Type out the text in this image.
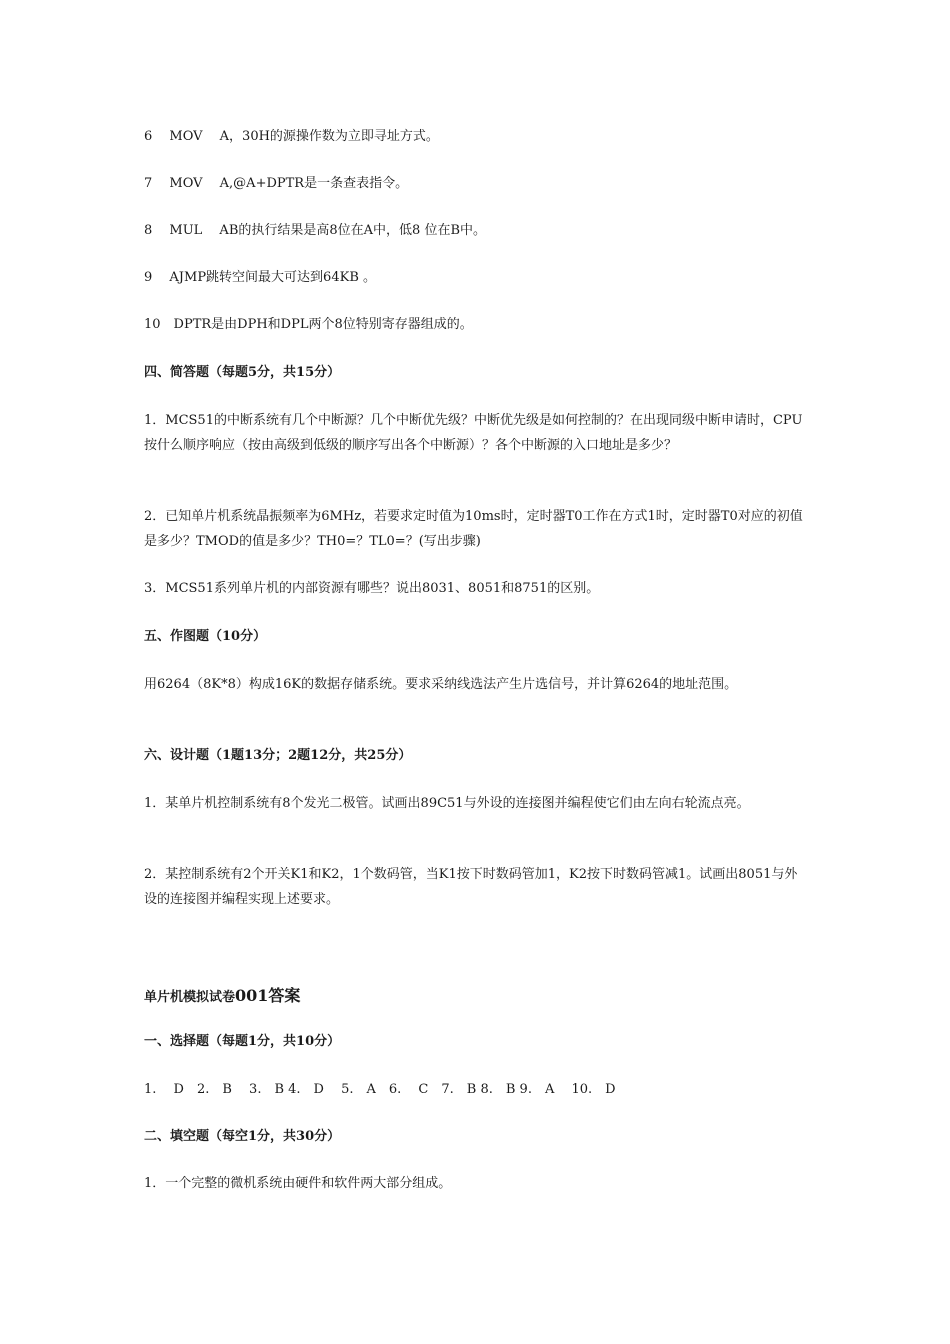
6　 MOV　 A，30H的源操作数为立即寻址方式。

7　 MOV　 A,@A+DPTR是一条查表指令。

8　 MUL　 AB的执行结果是高8位在A中，低8 位在B中。

9　 AJMP跳转空间最大可达到64KB 。

10　DPTR是由DPH和DPL两个8位特别寄存器组成的。

四、简答题（每题5分，共15分）

1．MCS51的中断系统有几个中断源？几个中断优先级？中断优先级是如何控制的？在出现同级中断申请时，CPU按什么顺序响应（按由高级到低级的顺序写出各个中断源）？各个中断源的入口地址是多少？

2．已知单片机系统晶振频率为6MHz，若要求定时值为10ms时，定时器T0工作在方式1时，定时器T0对应的初值是多少？TMOD的值是多少？TH0=？TL0=？(写出步骤)

3．MCS51系列单片机的内部资源有哪些？说出8031、8051和8751的区别。

五、作图题（10分）

用6264（8K*8）构成16K的数据存储系统。要求采纳线选法产生片选信号，并计算6264的地址范围。

六、设计题（1题13分；2题12分，共25分）

1．某单片机控制系统有8个发光二极管。试画出89C51与外设的连接图并编程使它们由左向右轮流点亮。

2．某控制系统有2个开关K1和K2，1个数码管，当K1按下时数码管加1，K2按下时数码管减1。试画出8051与外设的连接图并编程实现上述要求。

单片机模拟试卷001答案

一、选择题（每题1分，共10分）

1.　 D　2.　B　 3.　B 4.　D　 5.　A　6.　 C　7.　B 8.　B 9.　A　 10.　D

二、填空题（每空1分，共30分）

1．一个完整的微机系统由硬件和软件两大部分组成。
